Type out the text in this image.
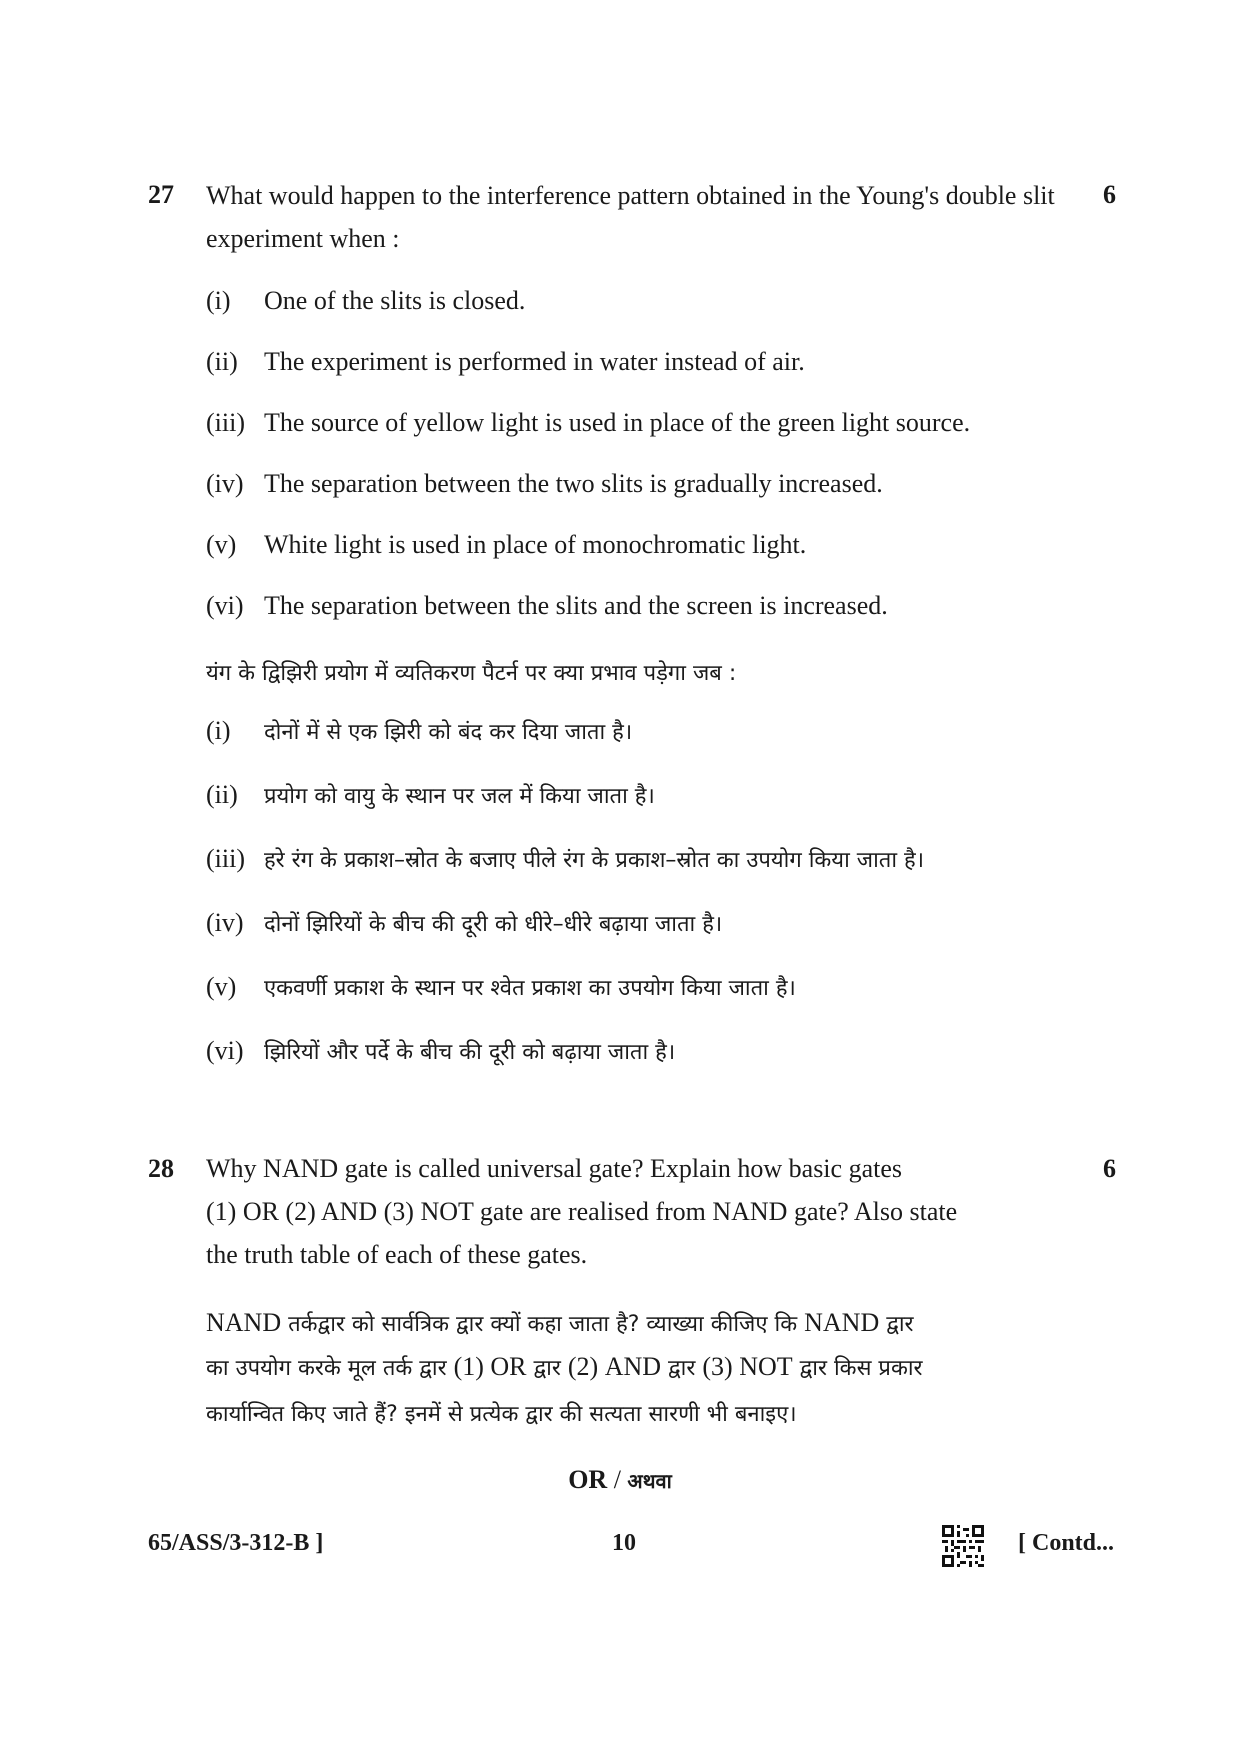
27	6
What would happen to the interference pattern obtained in the Young's double slit experiment when :
(i) One of the slits is closed.
(ii) The experiment is performed in water instead of air.
(iii) The source of yellow light is used in place of the green light source.
(iv) The separation between the two slits is gradually increased.
(v) White light is used in place of monochromatic light.
(vi) The separation between the slits and the screen is increased.
यंग के द्विझिरी प्रयोग में व्यतिकरण पैटर्न पर क्या प्रभाव पड़ेगा जब :
(i) दोनों में से एक झिरी को बंद कर दिया जाता है।
(ii) प्रयोग को वायु के स्थान पर जल में किया जाता है।
(iii) हरे रंग के प्रकाश–स्रोत के बजाए पीले रंग के प्रकाश–स्रोत का उपयोग किया जाता है।
(iv) दोनों झिरियों के बीच की दूरी को धीरे–धीरे बढ़ाया जाता है।
(v) एकवर्णी प्रकाश के स्थान पर श्वेत प्रकाश का उपयोग किया जाता है।
(vi) झिरियों और पर्दे के बीच की दूरी को बढ़ाया जाता है।
28	6
Why NAND gate is called universal gate? Explain how basic gates
(1) OR (2) AND (3) NOT gate are realised from NAND gate? Also state
the truth table of each of these gates.
NAND तर्कद्वार को सार्वत्रिक द्वार क्यों कहा जाता है? व्याख्या कीजिए कि NAND द्वार
का उपयोग करके मूल तर्क द्वार (1) OR द्वार (2) AND द्वार (3) NOT द्वार किस प्रकार
कार्यान्वित किए जाते हैं? इनमें से प्रत्येक द्वार की सत्यता सारणी भी बनाइए।
OR / अथवा
65/ASS/3-312-B ]	10	[ Contd...
